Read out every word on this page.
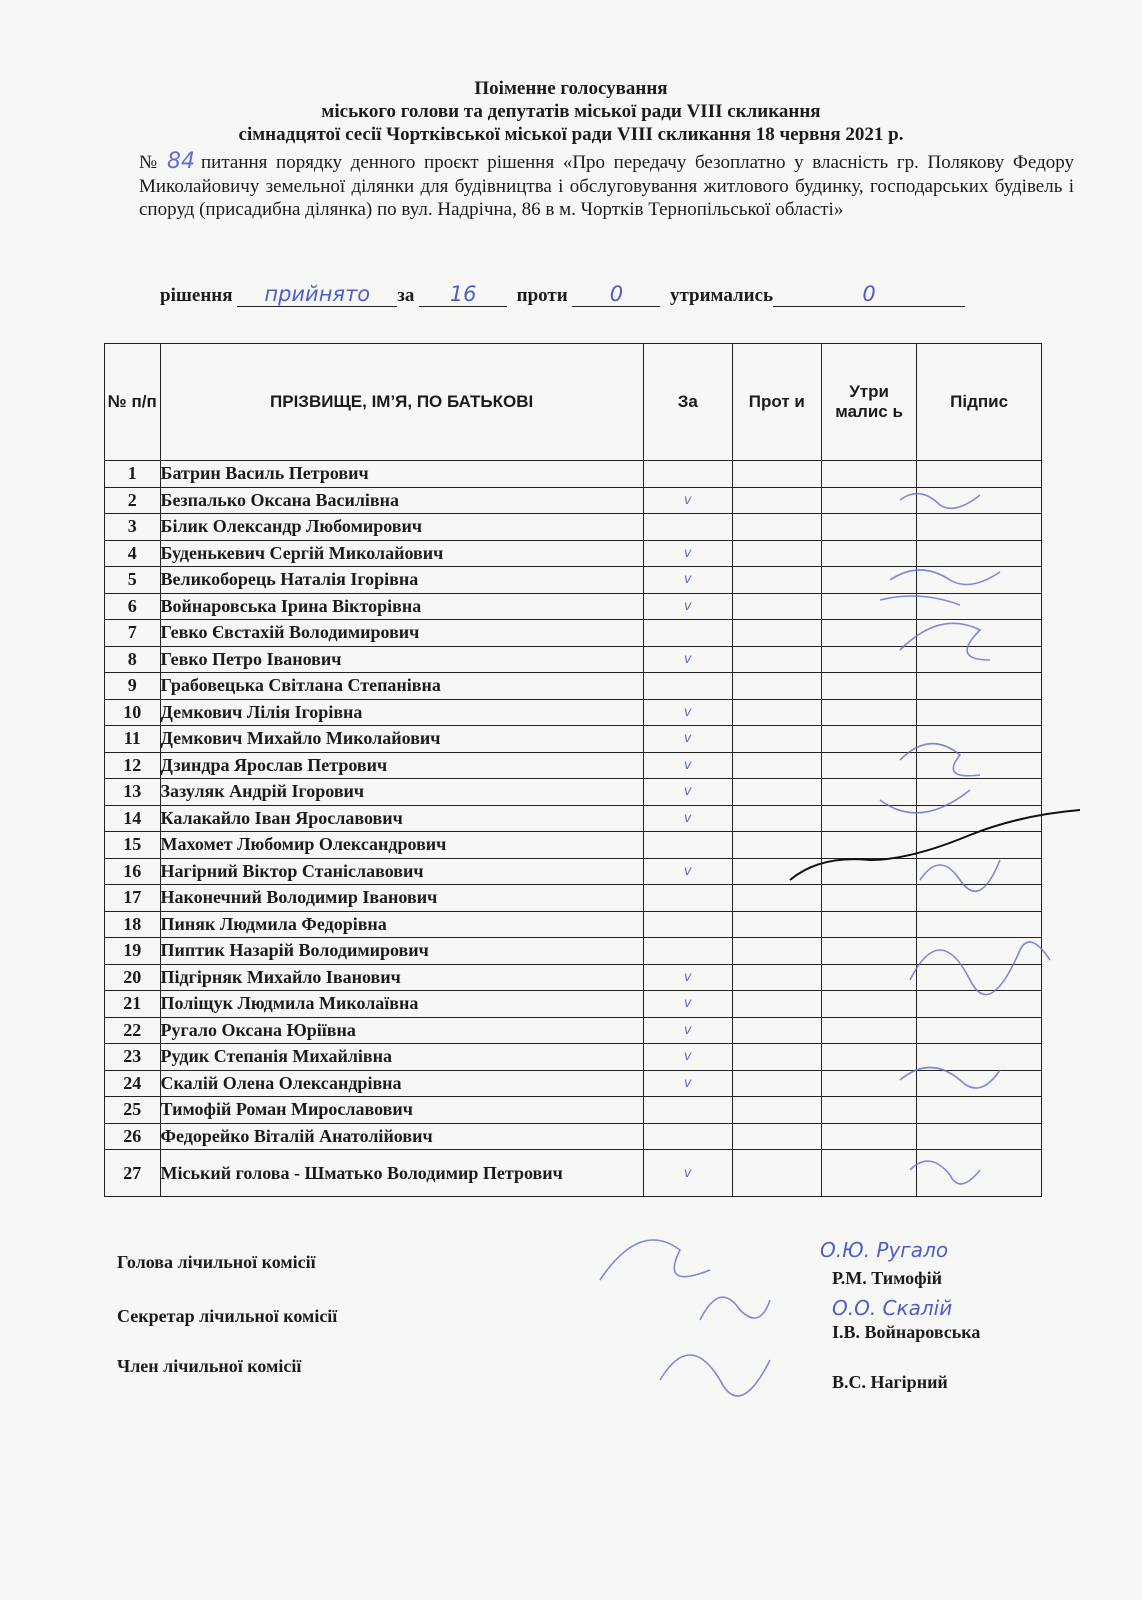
Поіменне голосування
міського голови та депутатів міської ради VIII скликання
сімнадцятої сесії Чортківської міської ради VIII скликання 18 червня 2021 р.
№ 84 питання порядку денного проєкт рішення «Про передачу безоплатно у власність гр. Полякову Федору Миколайовичу земельної ділянки для будівництва і обслуговування житлового будинку, господарських будівель і споруд (присадибна ділянка) по вул. Надрічна, 86 в м. Чортків Тернопільської області»
рішення прийнято за 16 проти 0 утримались	0
№ п/п	ПРІЗВИЩЕ, ІМ’Я, ПО БАТЬКОВІ	За	Прот и	Утри малис ь	Підпис
1	Батрин Василь Петрович				
2	Безпалько Оксана Василівна	v			
3	Білик Олександр Любомирович				
4	Буденькевич Сергій Миколайович	v			
5	Великоборець Наталія Ігорівна	v			
6	Войнаровська Ірина Вікторівна	v			
7	Гевко Євстахій Володимирович				
8	Гевко Петро Іванович	v			
9	Грабовецька Світлана Степанівна				
10	Демкович Лілія Ігорівна	v			
11	Демкович Михайло Миколайович	v			
12	Дзиндра Ярослав Петрович	v			
13	Зазуляк Андрій Ігорович	v			
14	Калакайло Іван Ярославович	v			
15	Махомет Любомир Олександрович				
16	Нагірний Віктор Станіславович	v			
17	Наконечний Володимир Іванович				
18	Пиняк Людмила Федорівна				
19	Пиптик Назарій Володимирович				
20	Підгірняк Михайло Іванович	v			
21	Поліщук Людмила Миколаївна	v			
22	Ругало Оксана Юріївна	v			
23	Рудик Степанія Михайлівна	v			
24	Скалій Олена Олександрівна	v			
25	Тимофій Роман Мирославович				
26	Федорейко Віталій Анатолійович				
27	Міський голова - Шматько Володимир Петрович	v			
Голова лічильної комісії
Р.М. Тимофій
О.Ю. Ругало
Секретар лічильної комісії
І.В. Войнаровська
О.О. Скалій
Член лічильної комісії
В.С. Нагірний
